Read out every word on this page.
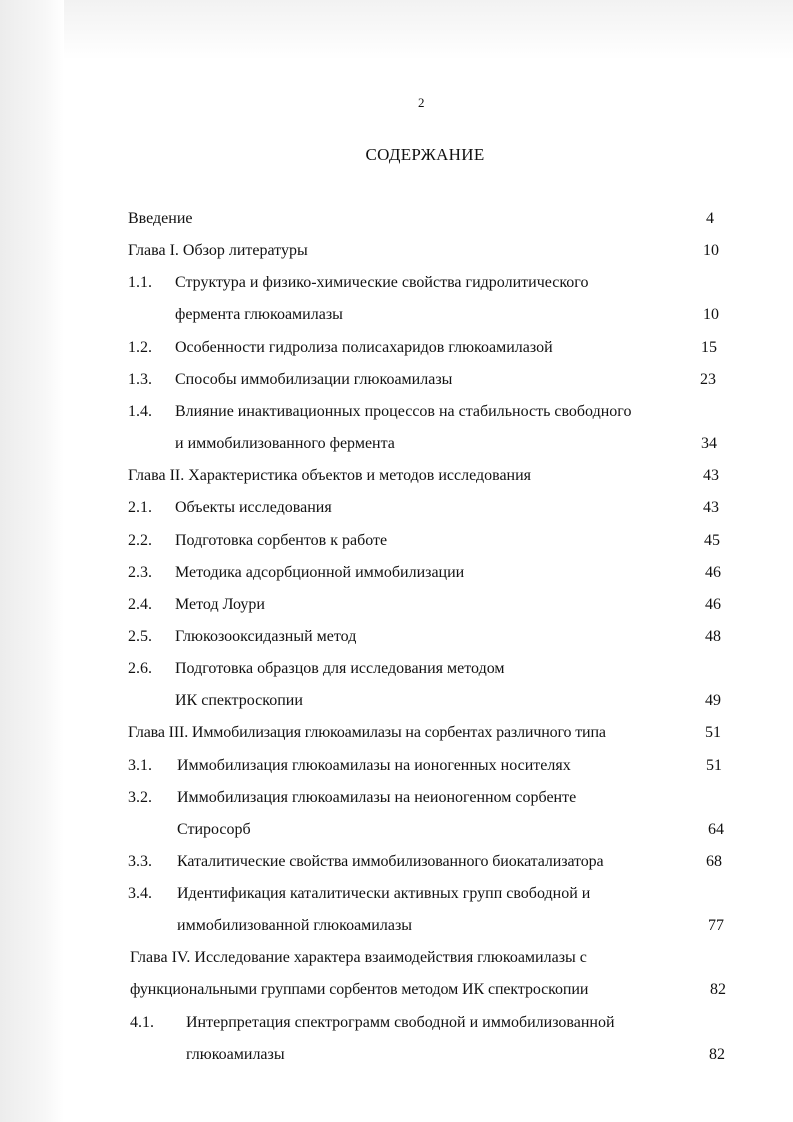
2
СОДЕРЖАНИЕ
Введение	4
Глава I. Обзор литературы	10
1.1. Структура и физико-химические свойства гидролитического
фермента глюкоамилазы	10
1.2. Особенности гидролиза полисахаридов глюкоамилазой	15
1.3. Способы иммобилизации глюкоамилазы	23
1.4. Влияние инактивационных процессов на стабильность свободного
и иммобилизованного фермента	34
Глава II. Характеристика объектов и методов исследования	43
2.1. Объекты исследования	43
2.2. Подготовка сорбентов к работе	45
2.3. Методика адсорбционной иммобилизации	46
2.4. Метод Лоури	46
2.5. Глюкозооксидазный метод	48
2.6. Подготовка образцов для исследования методом
ИК спектроскопии	49
Глава III. Иммобилизация глюкоамилазы на сорбентах различного типа	51
3.1. Иммобилизация глюкоамилазы на ионогенных носителях	51
3.2. Иммобилизация глюкоамилазы на неионогенном сорбенте
Стиросорб	64
3.3. Каталитические свойства иммобилизованного биокатализатора	68
3.4. Идентификация каталитически активных групп свободной и
иммобилизованной глюкоамилазы	77
Глава IV. Исследование характера взаимодействия глюкоамилазы с
функциональными группами сорбентов методом ИК спектроскопии	82
4.1. Интерпретация спектрограмм свободной и иммобилизованной
глюкоамилазы	82
